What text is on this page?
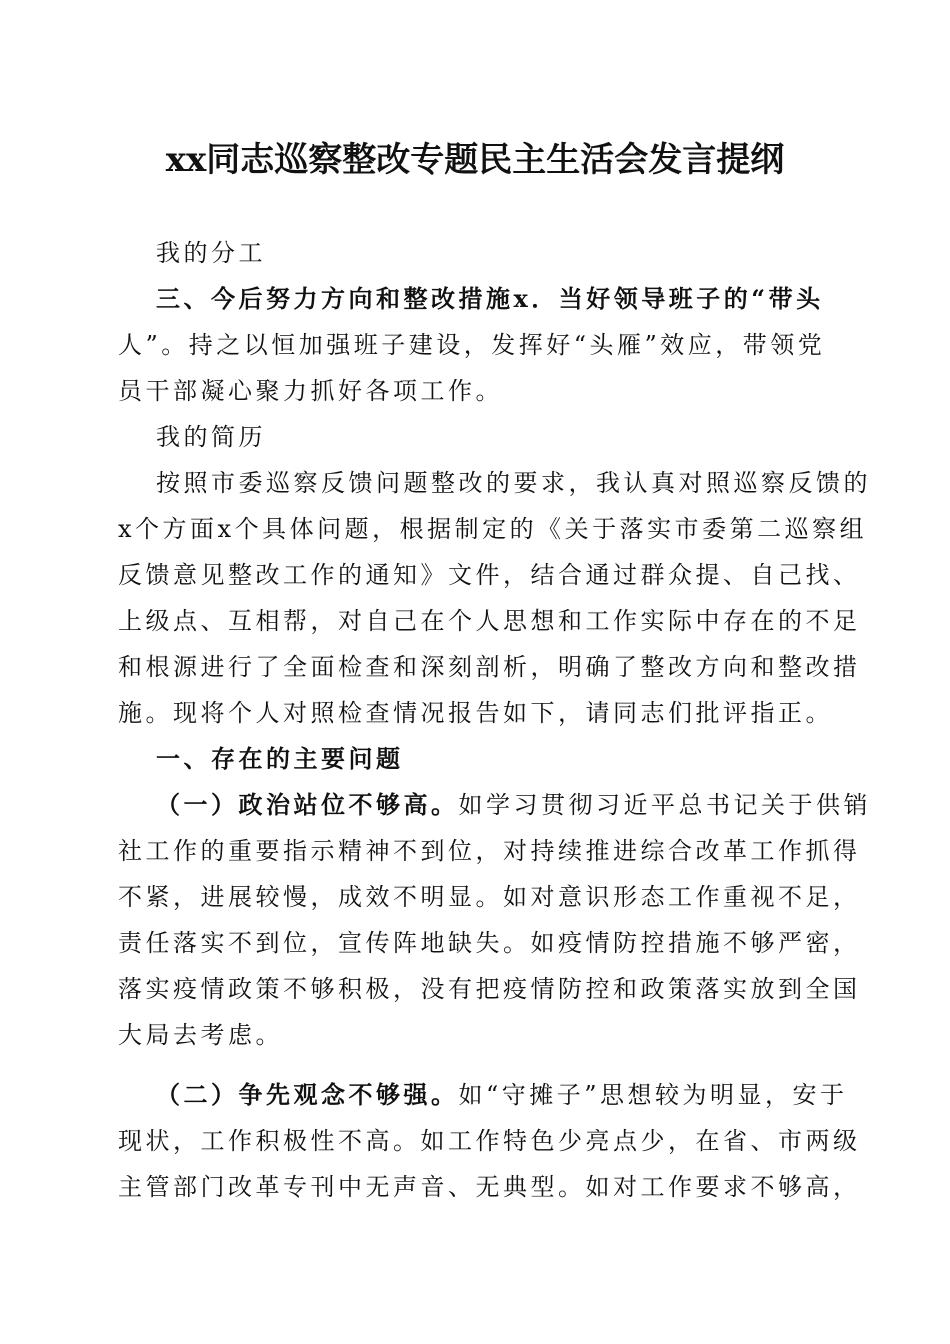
xx同志巡察整改专题民主生活会发言提纲
我的分工
三、今后努力方向和整改措施x．当好领导班子的“带头
人”。持之以恒加强班子建设，发挥好“头雁”效应，带领党
员干部凝心聚力抓好各项工作。
我的简历
按照市委巡察反馈问题整改的要求，我认真对照巡察反馈的
x个方面x个具体问题，根据制定的《关于落实市委第二巡察组
反馈意见整改工作的通知》文件，结合通过群众提、自己找、
上级点、互相帮，对自己在个人思想和工作实际中存在的不足
和根源进行了全面检查和深刻剖析，明确了整改方向和整改措
施。现将个人对照检查情况报告如下，请同志们批评指正。
一、存在的主要问题
（一）政治站位不够高。如学习贯彻习近平总书记关于供销
社工作的重要指示精神不到位，对持续推进综合改革工作抓得
不紧，进展较慢，成效不明显。如对意识形态工作重视不足，
责任落实不到位，宣传阵地缺失。如疫情防控措施不够严密，
落实疫情政策不够积极，没有把疫情防控和政策落实放到全国
大局去考虑。
（二）争先观念不够强。如“守摊子”思想较为明显，安于
现状，工作积极性不高。如工作特色少亮点少，在省、市两级
主管部门改革专刊中无声音、无典型。如对工作要求不够高，
